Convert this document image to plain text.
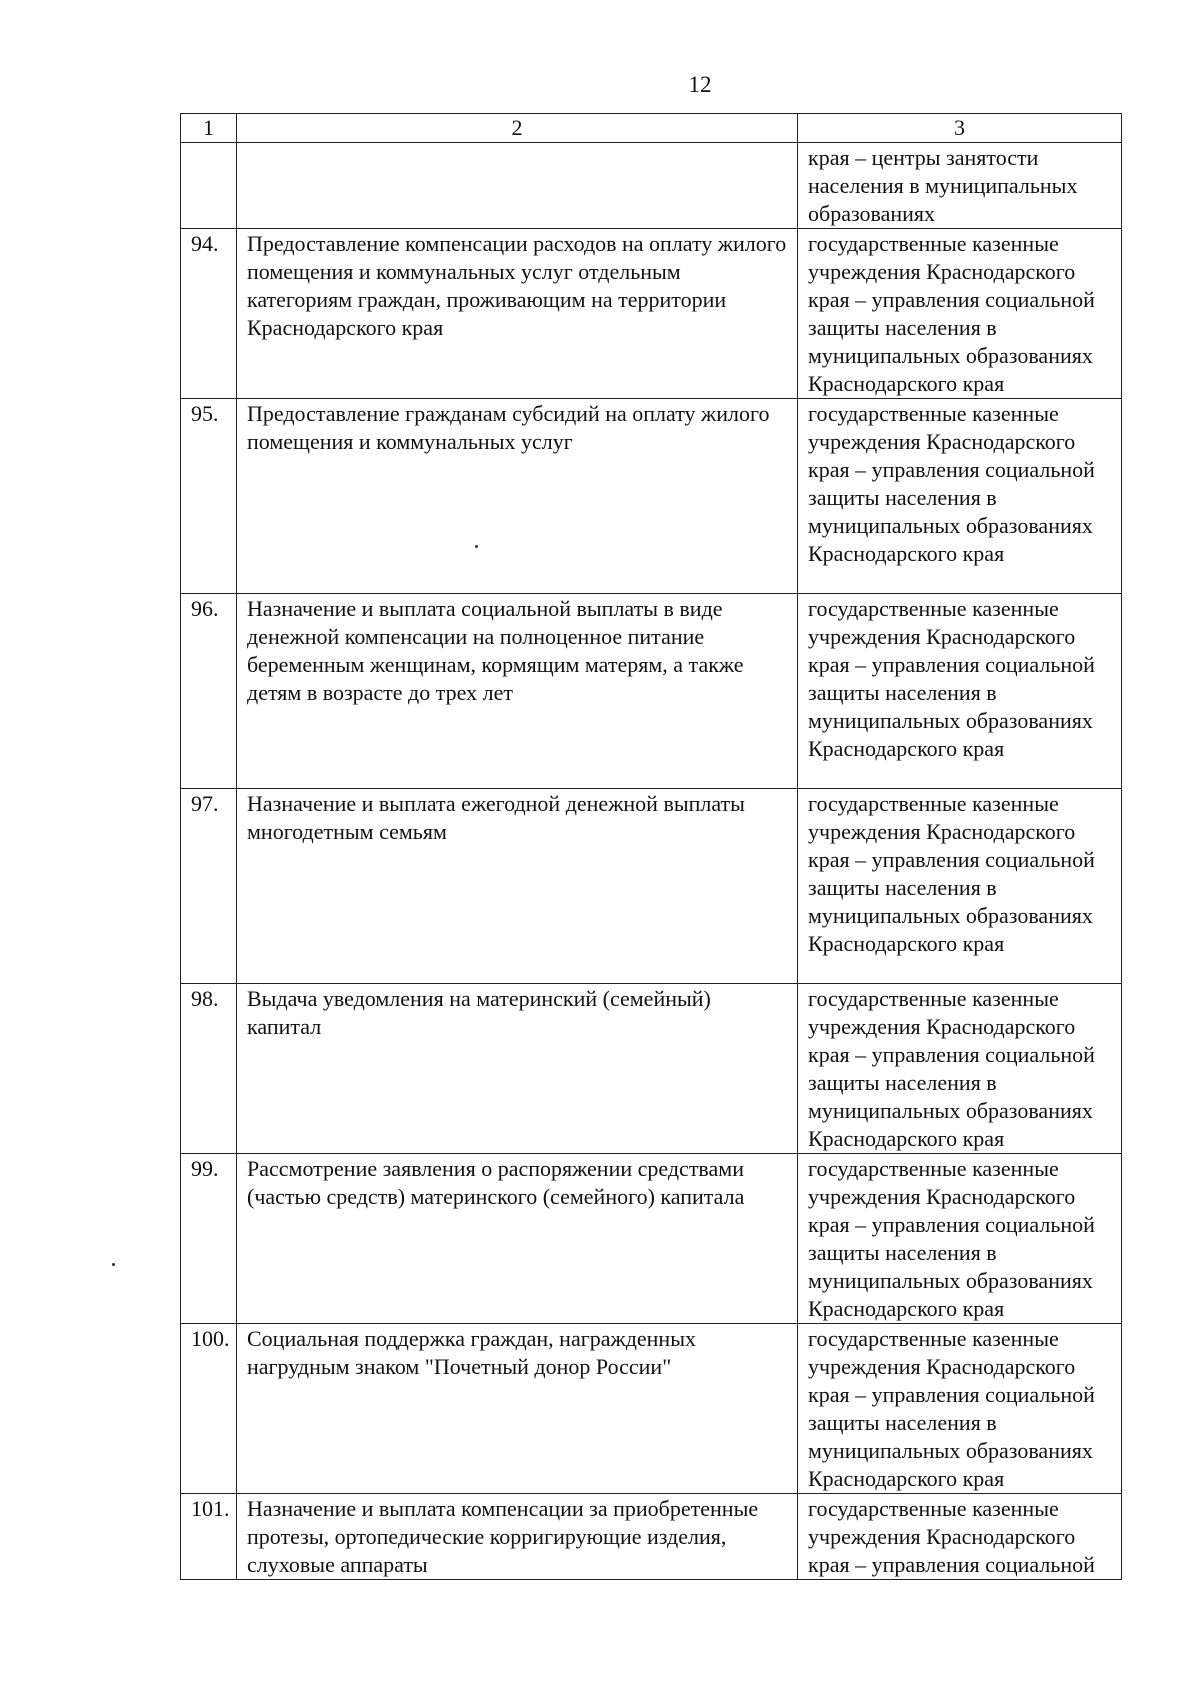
12
1	2	3
		края – центры занятости населения в муниципальных образованиях
94.	Предоставление компенсации расходов на оплату жилого помещения и коммунальных услуг отдельным категориям граждан, проживающим на территории Краснодарского края	государственные казенные учреждения Краснодарского края – управления социальной защиты населения в муниципальных образованиях Краснодарского края
95.	Предоставление гражданам субсидий на оплату жилого помещения и коммунальных услуг	государственные казенные учреждения Краснодарского края – управления социальной защиты населения в муниципальных образованиях Краснодарского края
96.	Назначение и выплата социальной выплаты в виде денежной компенсации на полноценное питание беременным женщинам, кормящим матерям, а также детям в возрасте до трех лет	государственные казенные учреждения Краснодарского края – управления социальной защиты населения в муниципальных образованиях Краснодарского края
97.	Назначение и выплата ежегодной денежной выплаты многодетным семьям	государственные казенные учреждения Краснодарского края – управления социальной защиты населения в муниципальных образованиях Краснодарского края
98.	Выдача уведомления на материнский (семейный) капитал	государственные казенные учреждения Краснодарского края – управления социальной защиты населения в муниципальных образованиях Краснодарского края
99.	Рассмотрение заявления о распоряжении средствами (частью средств) материнского (семейного) капитала	государственные казенные учреждения Краснодарского края – управления социальной защиты населения в муниципальных образованиях Краснодарского края
100.	Социальная поддержка граждан, награжденных нагрудным знаком "Почетный донор России"	государственные казенные учреждения Краснодарского края – управления социальной защиты населения в муниципальных образованиях Краснодарского края
101.	Назначение и выплата компенсации за приобретенные протезы, ортопедические корригирующие изделия, слуховые аппараты	государственные казенные учреждения Краснодарского края – управления социальной
